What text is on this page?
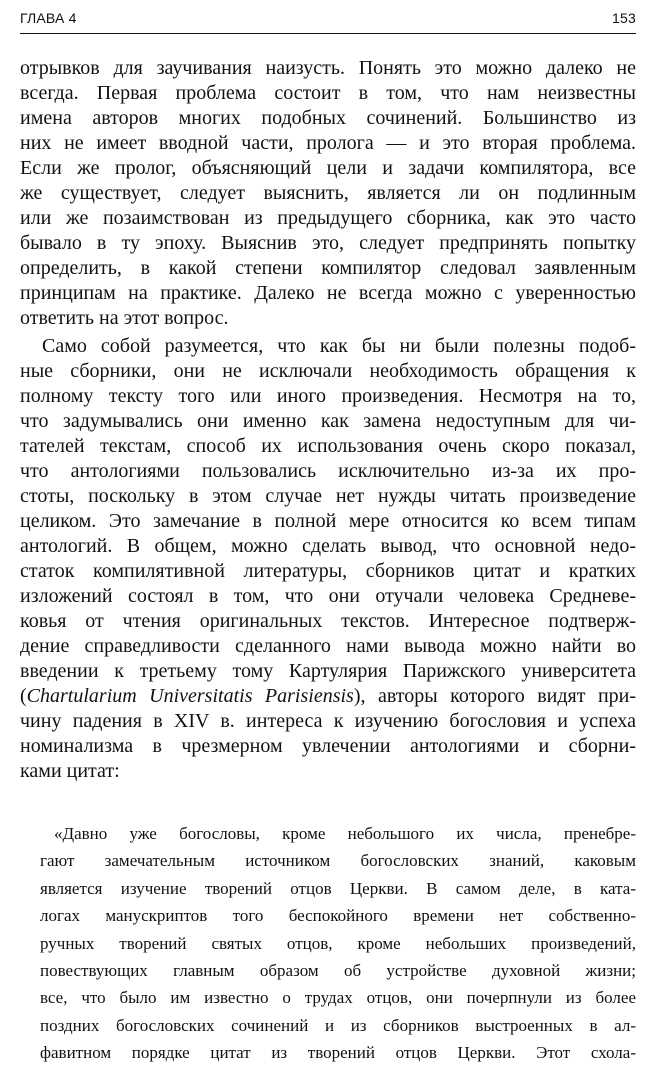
ГЛАВА 4	153
отрывков для заучивания наизусть. Понять это можно далеко не
всегда. Первая проблема состоит в том, что нам неизвестны
имена авторов многих подобных сочинений. Большинство из
них не имеет вводной части, пролога — и это вторая проблема.
Если же пролог, объясняющий цели и задачи компилятора, все
же существует, следует выяснить, является ли он подлинным
или же позаимствован из предыдущего сборника, как это часто
бывало в ту эпоху. Выяснив это, следует предпринять попытку
определить, в какой степени компилятор следовал заявленным
принципам на практике. Далеко не всегда можно с уверенностью
ответить на этот вопрос.
Само собой разумеется, что как бы ни были полезны подоб-
ные сборники, они не исключали необходимость обращения к
полному тексту того или иного произведения. Несмотря на то,
что задумывались они именно как замена недоступным для чи-
тателей текстам, способ их использования очень скоро показал,
что антологиями пользовались исключительно из-за их про-
стоты, поскольку в этом случае нет нужды читать произведение
целиком. Это замечание в полной мере относится ко всем типам
антологий. В общем, можно сделать вывод, что основной недо-
статок компилятивной литературы, сборников цитат и кратких
изложений состоял в том, что они отучали человека Средневе-
ковья от чтения оригинальных текстов. Интересное подтверж-
дение справедливости сделанного нами вывода можно найти во
введении к третьему тому Картулярия Парижского университета
(Chartularium Universitatis Parisiensis), авторы которого видят при-
чину падения в XIV в. интереса к изучению богословия и успеха
номинализма в чрезмерном увлечении антологиями и сборни-
ками цитат:
«Давно уже богословы, кроме небольшого их числа, пренебре-
гают замечательным источником богословских знаний, каковым
является изучение творений отцов Церкви. В самом деле, в ката-
логах манускриптов того беспокойного времени нет собственно-
ручных творений святых отцов, кроме небольших произведений,
повествующих главным образом об устройстве духовной жизни;
все, что было им известно о трудах отцов, они почерпнули из более
поздних богословских сочинений и из сборников выстроенных в ал-
фавитном порядке цитат из творений отцов Церкви. Этот схола-
